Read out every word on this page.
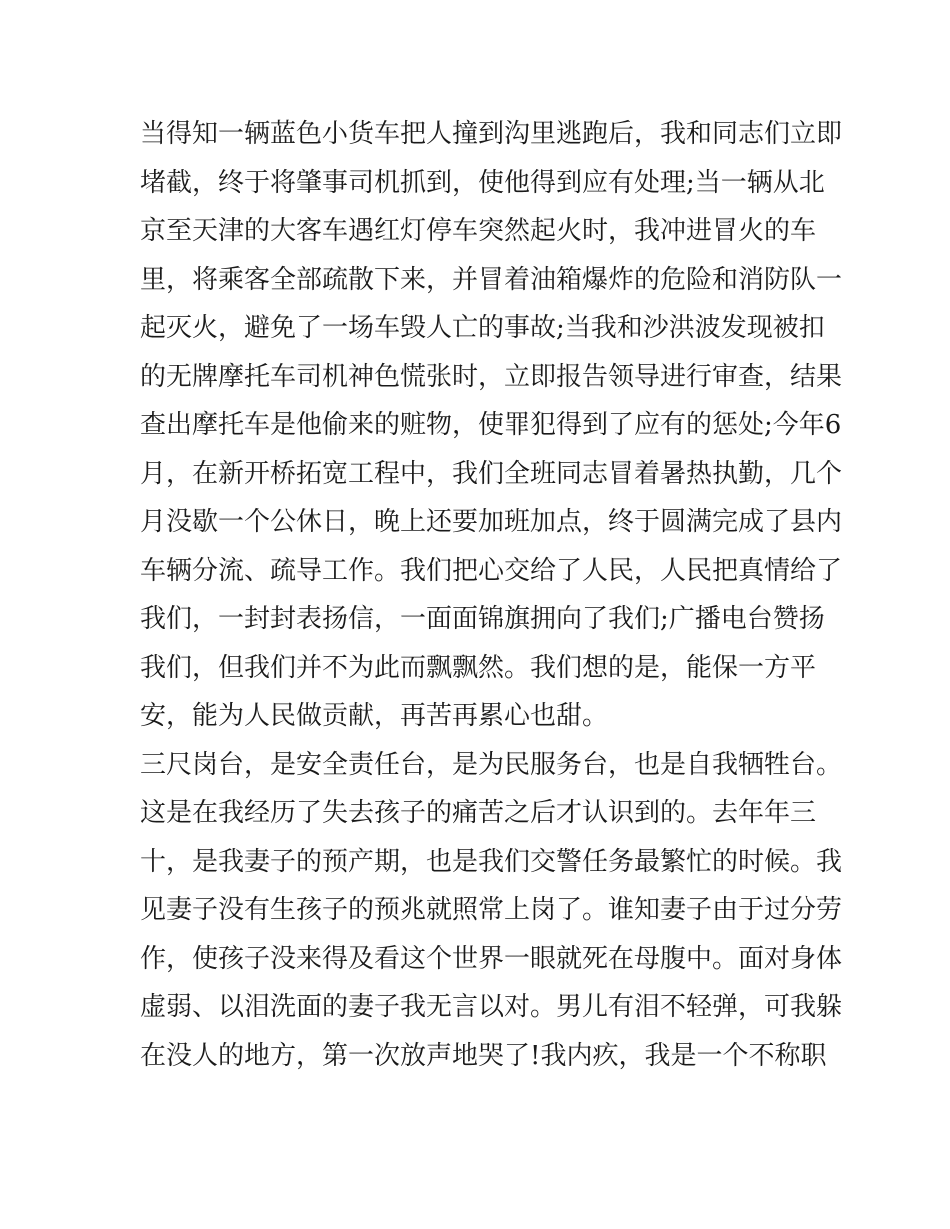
当得知一辆蓝色小货车把人撞到沟里逃跑后，我和同志们立即
堵截，终于将肇事司机抓到，使他得到应有处理;当一辆从北
京至天津的大客车遇红灯停车突然起火时，我冲进冒火的车
里，将乘客全部疏散下来，并冒着油箱爆炸的危险和消防队一
起灭火，避免了一场车毁人亡的事故;当我和沙洪波发现被扣
的无牌摩托车司机神色慌张时，立即报告领导进行审查，结果
查出摩托车是他偷来的赃物，使罪犯得到了应有的惩处;今年6
月，在新开桥拓宽工程中，我们全班同志冒着暑热执勤，几个
月没歇一个公休日，晚上还要加班加点，终于圆满完成了县内
车辆分流、疏导工作。我们把心交给了人民，人民把真情给了
我们，一封封表扬信，一面面锦旗拥向了我们;广播电台赞扬
我们，但我们并不为此而飘飘然。我们想的是，能保一方平
安，能为人民做贡献，再苦再累心也甜。
三尺岗台，是安全责任台，是为民服务台，也是自我牺牲台。
这是在我经历了失去孩子的痛苦之后才认识到的。去年年三
十，是我妻子的预产期，也是我们交警任务最繁忙的时候。我
见妻子没有生孩子的预兆就照常上岗了。谁知妻子由于过分劳
作，使孩子没来得及看这个世界一眼就死在母腹中。面对身体
虚弱、以泪洗面的妻子我无言以对。男儿有泪不轻弹，可我躲
在没人的地方，第一次放声地哭了!我内疚，我是一个不称职
